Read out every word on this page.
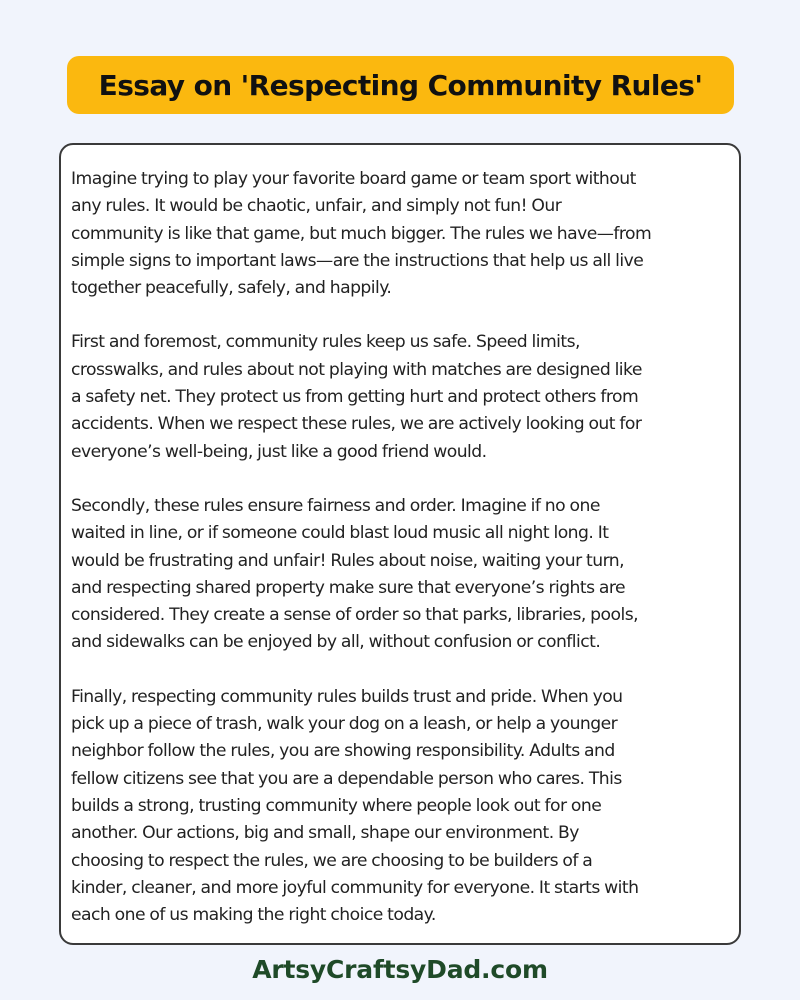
Essay on 'Respecting Community Rules'

Imagine trying to play your favorite board game or team sport without
any rules. It would be chaotic, unfair, and simply not fun! Our
community is like that game, but much bigger. The rules we have—from
simple signs to important laws—are the instructions that help us all live
together peacefully, safely, and happily.

First and foremost, community rules keep us safe. Speed limits,
crosswalks, and rules about not playing with matches are designed like
a safety net. They protect us from getting hurt and protect others from
accidents. When we respect these rules, we are actively looking out for
everyone’s well-being, just like a good friend would.

Secondly, these rules ensure fairness and order. Imagine if no one
waited in line, or if someone could blast loud music all night long. It
would be frustrating and unfair! Rules about noise, waiting your turn,
and respecting shared property make sure that everyone’s rights are
considered. They create a sense of order so that parks, libraries, pools,
and sidewalks can be enjoyed by all, without confusion or conflict.

Finally, respecting community rules builds trust and pride. When you
pick up a piece of trash, walk your dog on a leash, or help a younger
neighbor follow the rules, you are showing responsibility. Adults and
fellow citizens see that you are a dependable person who cares. This
builds a strong, trusting community where people look out for one
another. Our actions, big and small, shape our environment. By
choosing to respect the rules, we are choosing to be builders of a
kinder, cleaner, and more joyful community for everyone. It starts with
each one of us making the right choice today.

ArtsyCraftsyDad.com
